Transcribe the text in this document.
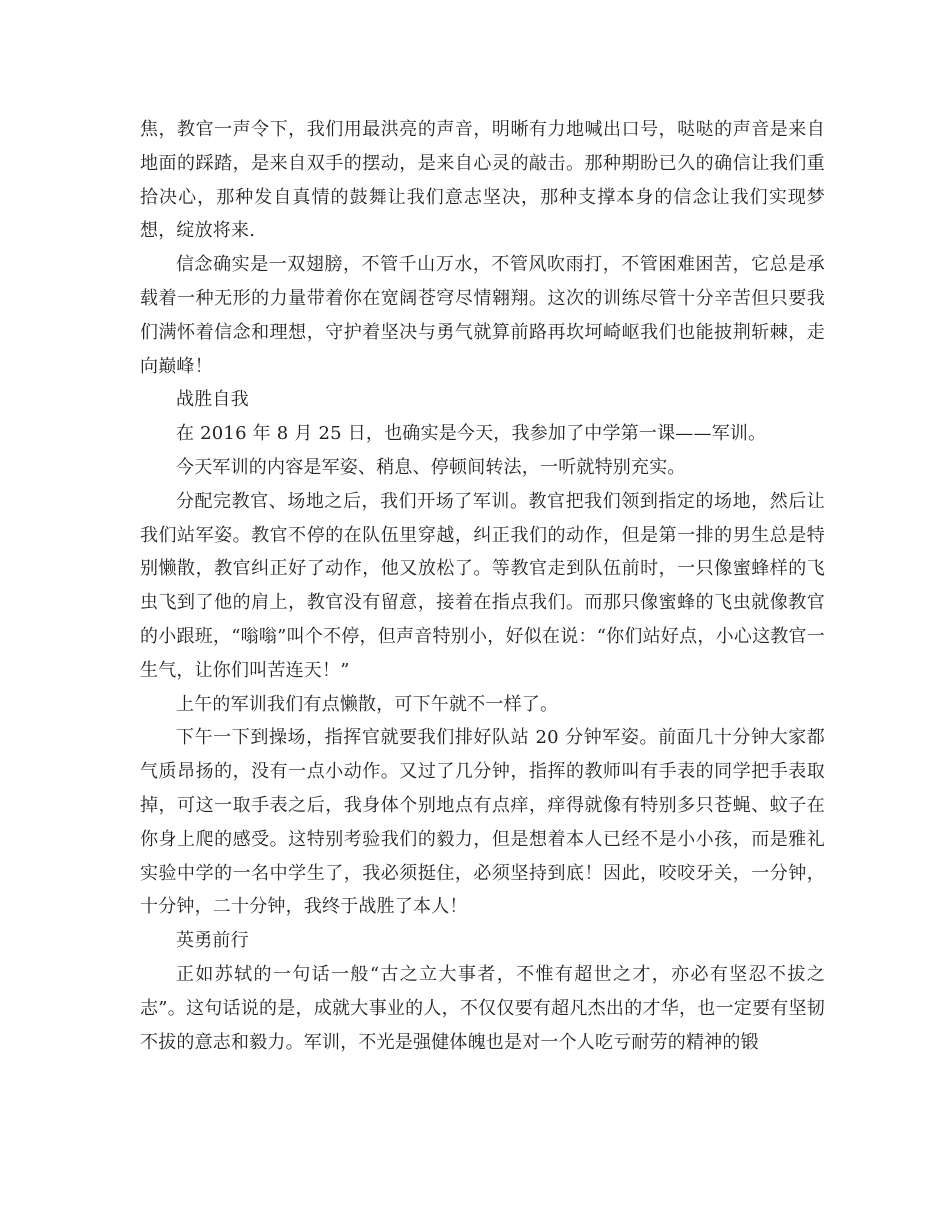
焦，教官一声令下，我们用最洪亮的声音，明晰有力地喊出口号，哒哒的声音是来自地面的踩踏，是来自双手的摆动，是来自心灵的敲击。那种期盼已久的确信让我们重拾决心，那种发自真情的鼓舞让我们意志坚决，那种支撑本身的信念让我们实现梦想，绽放将来.

信念确实是一双翅膀，不管千山万水，不管风吹雨打，不管困难困苦，它总是承载着一种无形的力量带着你在宽阔苍穹尽情翱翔。这次的训练尽管十分辛苦但只要我们满怀着信念和理想，守护着坚决与勇气就算前路再坎坷崎岖我们也能披荆斩棘，走向巅峰！

战胜自我

在 2016 年 8 月 25 日，也确实是今天，我参加了中学第一课——军训。

今天军训的内容是军姿、稍息、停顿间转法，一听就特别充实。

分配完教官、场地之后，我们开场了军训。教官把我们领到指定的场地，然后让我们站军姿。教官不停的在队伍里穿越，纠正我们的动作，但是第一排的男生总是特别懒散，教官纠正好了动作，他又放松了。等教官走到队伍前时，一只像蜜蜂样的飞虫飞到了他的肩上，教官没有留意，接着在指点我们。而那只像蜜蜂的飞虫就像教官的小跟班，“嗡嗡”叫个不停，但声音特别小，好似在说：“你们站好点，小心这教官一生气，让你们叫苦连天！”

上午的军训我们有点懒散，可下午就不一样了。

下午一下到操场，指挥官就要我们排好队站 20 分钟军姿。前面几十分钟大家都气质昂扬的，没有一点小动作。又过了几分钟，指挥的教师叫有手表的同学把手表取掉，可这一取手表之后，我身体个别地点有点痒，痒得就像有特别多只苍蝇、蚊子在你身上爬的感受。这特别考验我们的毅力，但是想着本人已经不是小小孩，而是雅礼实验中学的一名中学生了，我必须挺住，必须坚持到底！因此，咬咬牙关，一分钟，十分钟，二十分钟，我终于战胜了本人！

英勇前行

正如苏轼的一句话一般“古之立大事者，不惟有超世之才，亦必有坚忍不拔之志”。这句话说的是，成就大事业的人，不仅仅要有超凡杰出的才华，也一定要有坚韧不拔的意志和毅力。军训，不光是强健体魄也是对一个人吃亏耐劳的精神的锻
